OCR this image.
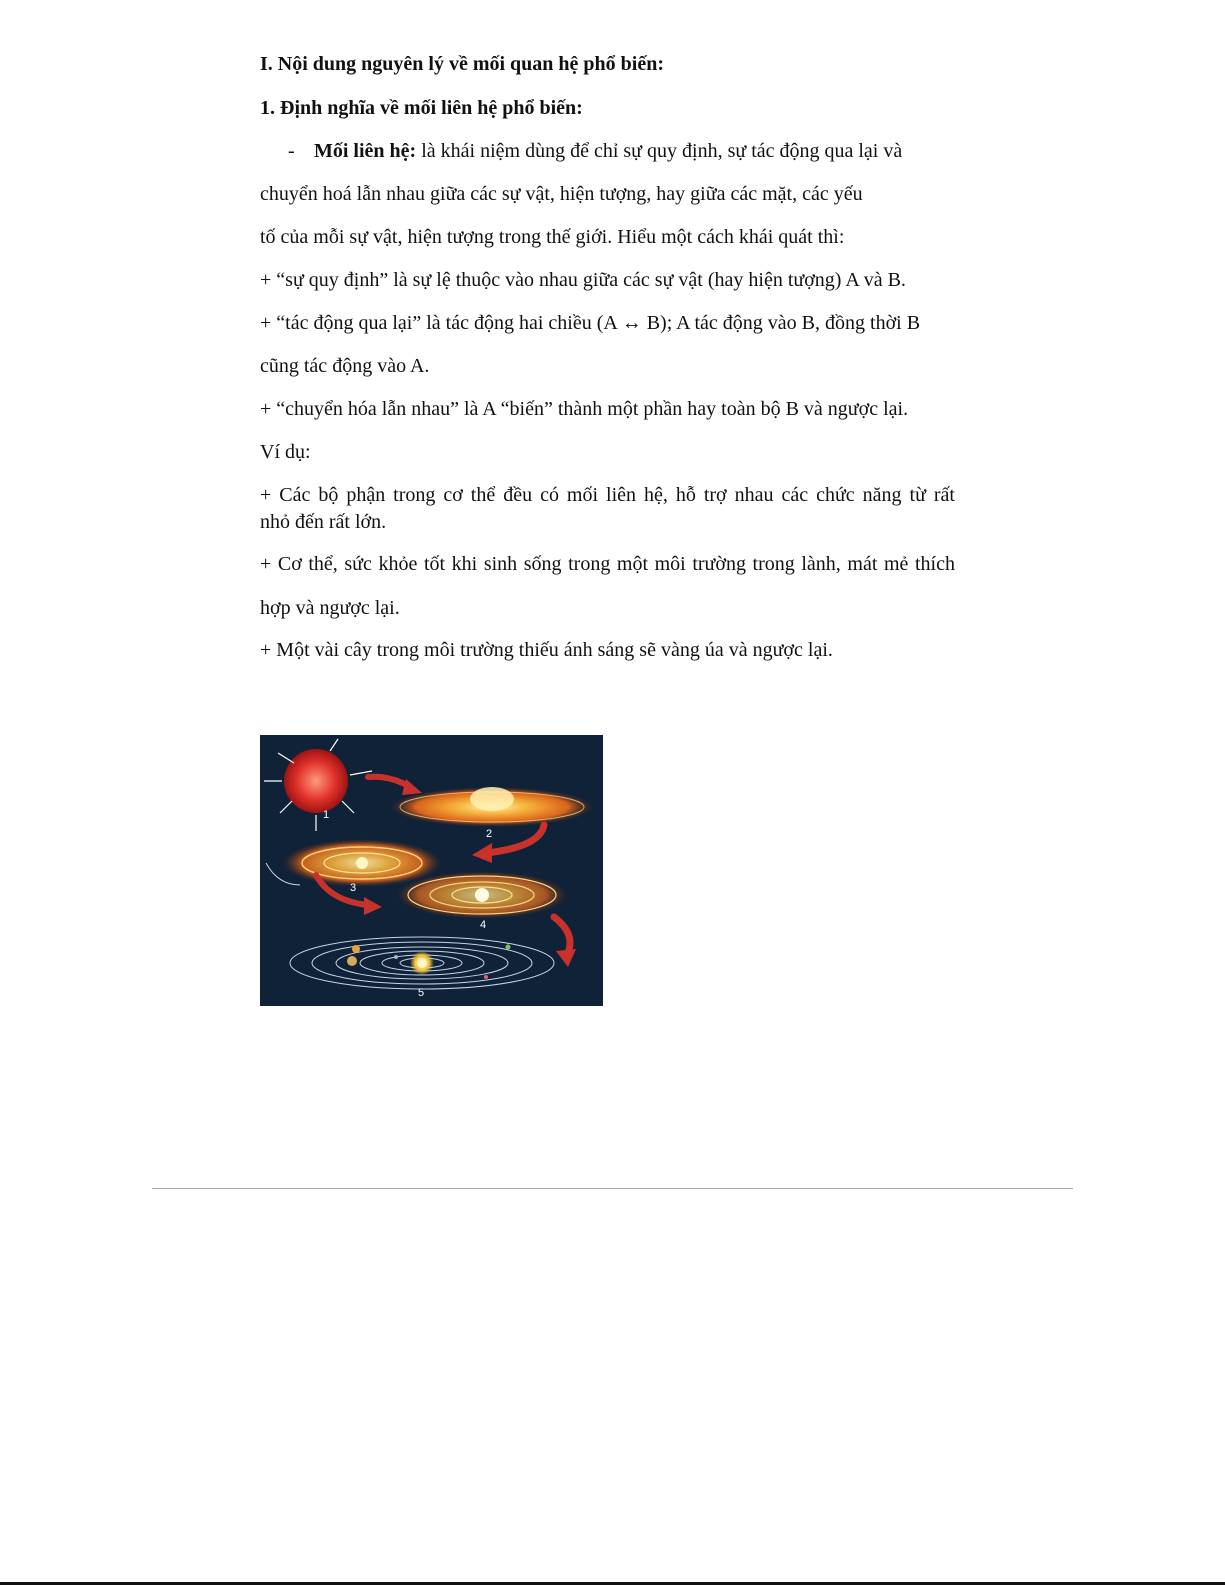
I. Nội dung nguyên lý về mối quan hệ phổ biến:
1. Định nghĩa về mối liên hệ phổ biến:
- Mối liên hệ: là khái niệm dùng để chỉ sự quy định, sự tác động qua lại và
chuyển hoá lẫn nhau giữa các sự vật, hiện tượng, hay giữa các mặt, các yếu
tố của mỗi sự vật, hiện tượng trong thế giới. Hiểu một cách khái quát thì:
+ “sự quy định” là sự lệ thuộc vào nhau giữa các sự vật (hay hiện tượng) A và B.
+ “tác động qua lại” là tác động hai chiều (A ↔ B); A tác động vào B, đồng thời B
cũng tác động vào A.
+ “chuyển hóa lẫn nhau” là A “biến” thành một phần hay toàn bộ B và ngược lại.
Ví dụ:
+ Các bộ phận trong cơ thể đều có mối liên hệ, hỗ trợ nhau các chức năng từ rất
nhỏ đến rất lớn.
+ Cơ thể, sức khỏe tốt khi sinh sống trong một môi trường trong lành, mát mẻ thích
hợp và ngược lại.
+ Một vài cây trong môi trường thiếu ánh sáng sẽ vàng úa và ngược lại.
1
2
3
4
5
